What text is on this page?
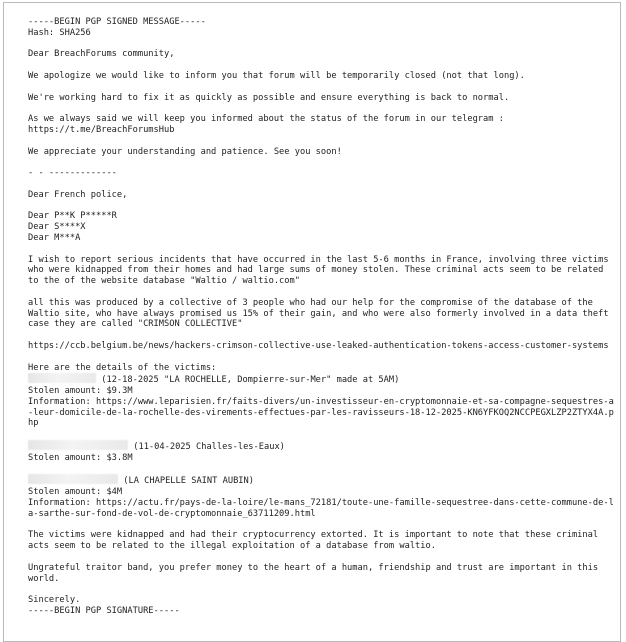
-----BEGIN PGP SIGNED MESSAGE-----
Hash: SHA256
Dear BreachForums community,
We apologize we would like to inform you that forum will be temporarily closed (not that long).
We're working hard to fix it as quickly as possible and ensure everything is back to normal.
As we always said we will keep you informed about the status of the forum in our telegram :
https://t.me/BreachForumsHub
We appreciate your understanding and patience. See you soon!
- - -------------
Dear French police,
Dear P**K P*****R
Dear S****X
Dear M***A
I wish to report serious incidents that have occurred in the last 5-6 months in France, involving three victims who were kidnapped from their homes and had large sums of money stolen. These criminal acts seem to be related to the of the website database "Waltio / waltio.com"
all this was produced by a collective of 3 people who had our help for the compromise of the database of the Waltio site, who have always promised us 15% of their gain, and who were also formerly involved in a data theft case they are called "CRIMSON COLLECTIVE"
https://ccb.belgium.be/news/hackers-crimson-collective-use-leaked-authentication-tokens-access-customer-systems
Here are the details of the victims:
(12-18-2025 "LA ROCHELLE, Dompierre-sur-Mer" made at 5AM)
Stolen amount: $9.3M
Information: https://www.leparisien.fr/faits-divers/un-investisseur-en-cryptomonnaie-et-sa-compagne-sequestres-a-leur-domicile-de-la-rochelle-des-virements-effectues-par-les-ravisseurs-18-12-2025-KN6YFKOQ2NCCPEGXLZP2ZTYX4A.php
(11-04-2025 Challes-les-Eaux)
Stolen amount: $3.8M
(LA CHAPELLE SAINT AUBIN)
Stolen amount: $4M
Information: https://actu.fr/pays-de-la-loire/le-mans_72181/toute-une-famille-sequestree-dans-cette-commune-de-la-sarthe-sur-fond-de-vol-de-cryptomonnaie_63711209.html
The victims were kidnapped and had their cryptocurrency extorted. It is important to note that these criminal acts seem to be related to the illegal exploitation of a database from waltio.
Ungrateful traitor band, you prefer money to the heart of a human, friendship and trust are important in this world.
Sincerely.
-----BEGIN PGP SIGNATURE-----
